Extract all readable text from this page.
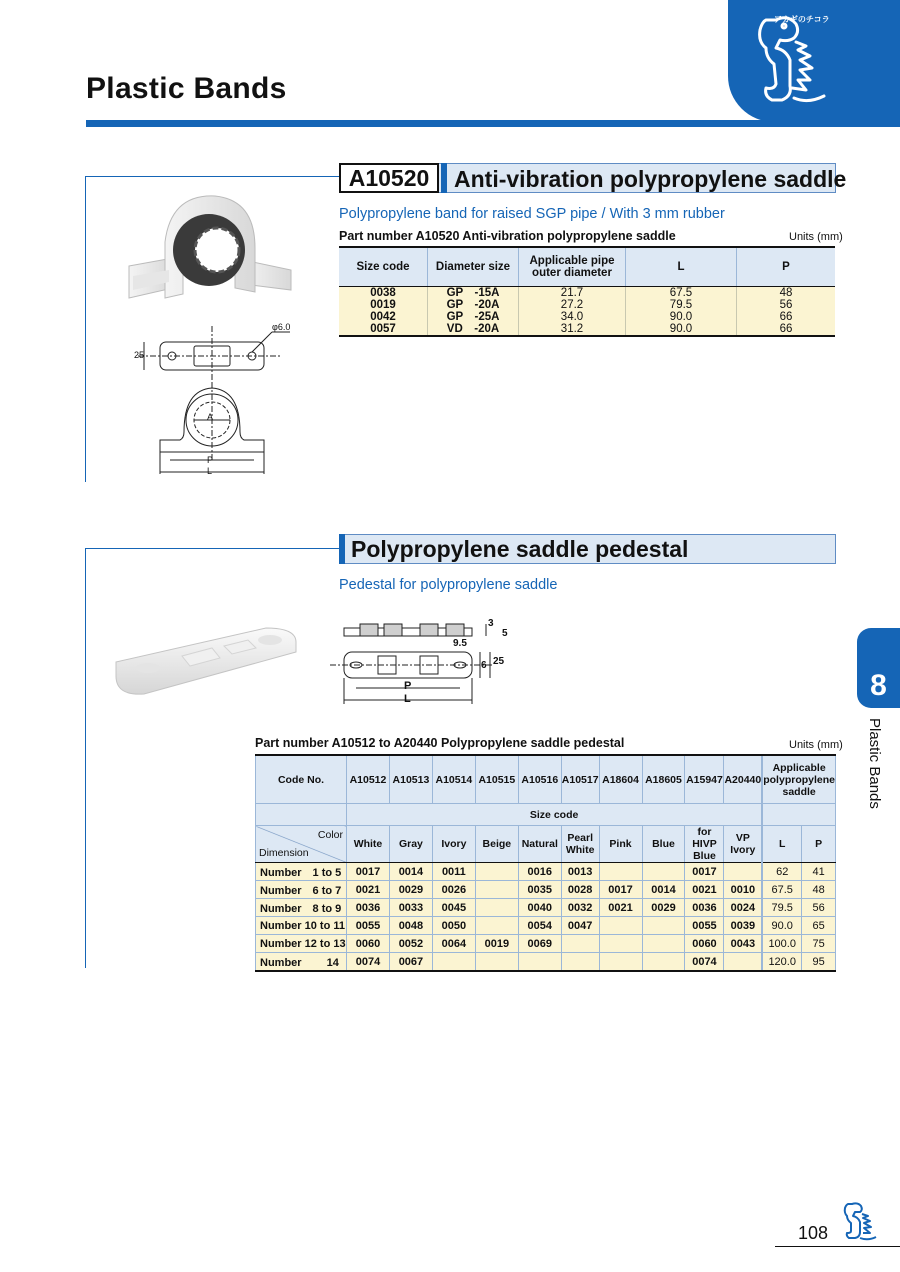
Plastic Bands
アカギのチコラ
A10520	Anti-vibration polypropylene saddle
Polypropylene band for raised SGP pipe / With 3 mm rubber
Part number A10520 Anti-vibration polypropylene saddle	Units (mm)
φ6.0
25
A
P
L
Size code	Diameter size	Applicable pipe outer diameter	L	P
0038	GP　-15A	21.7	67.5	48
0019	GP　-20A	27.2	79.5	56
0042	GP　-25A	34.0	90.0	66
0057	VD　-20A	31.2	90.0	66
Polypropylene saddle pedestal
Pedestal for polypropylene saddle
3
5
9.5
6 25
P
L
Part number A10512 to A20440 Polypropylene saddle pedestal	Units (mm)
Code No.	A10512	A10513	A10514	A10515	A10516	A10517	A18604	A18605	A15947	A20440	Applicable polypropylene saddle	
	Size code											

Color
Dimension	White	Gray	Ivory	Beige	Natural	Pearl White	Pink	Blue	for HIVP Blue	VP Ivory	L	P
Number　1 to 5	0017	0014	0011		0016	0013			0017		62	41
Number　6 to 7	0021	0029	0026		0035	0028	0017	0014	0021	0010	67.5	48
Number　8 to 9	0036	0033	0045		0040	0032	0021	0029	0036	0024	79.5	56
Number 10 to 11	0055	0048	0050		0054	0047			0055	0039	90.0	65
Number 12 to 13	0060	0052	0064	0019	0069				0060	0043	100.0	75
Number　　 14	0074	0067							0074		120.0	95
8
Plastic Bands
108
